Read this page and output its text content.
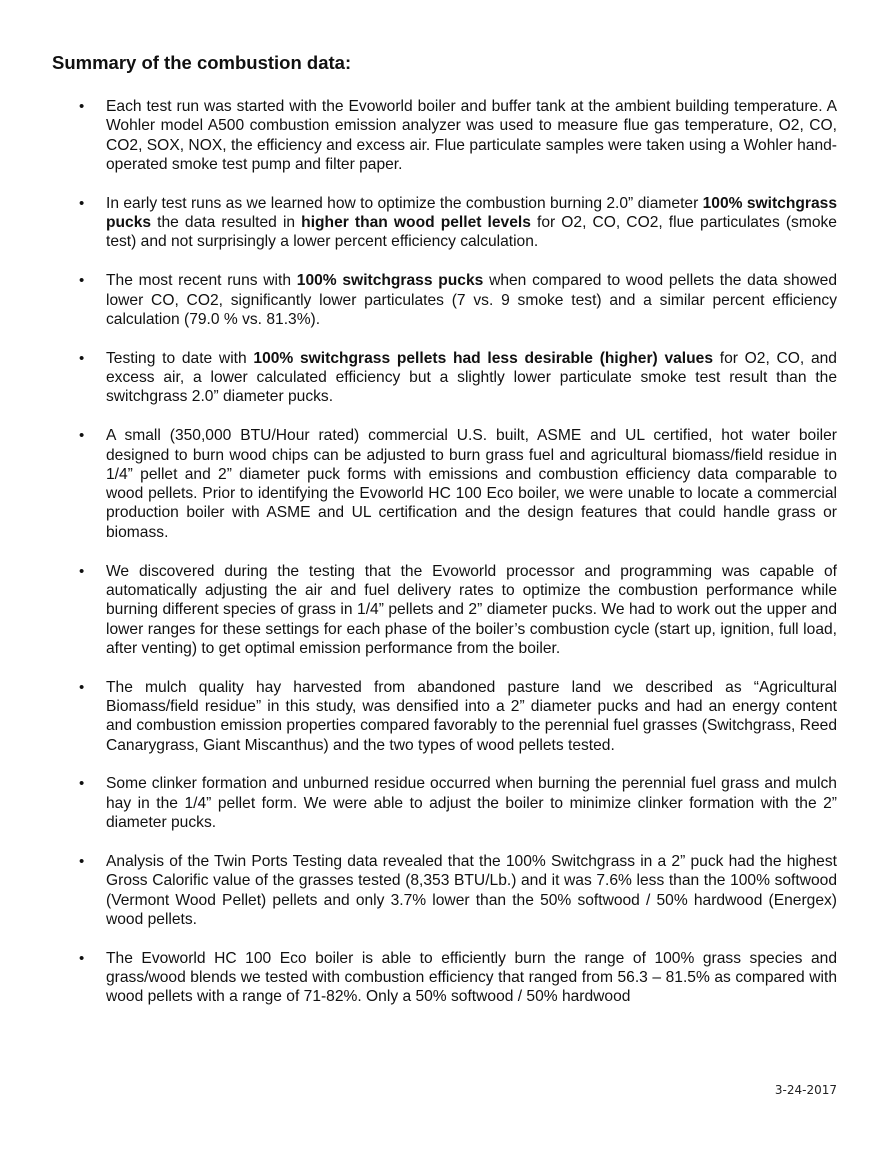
Summary of the combustion data:
• Each test run was started with the Evoworld boiler and buffer tank at the ambient building temperature. A Wohler model A500 combustion emission analyzer was used to measure flue gas temperature, O2, CO, CO2, SOX, NOX, the efficiency and excess air. Flue particulate samples were taken using a Wohler hand-operated smoke test pump and filter paper.
• In early test runs as we learned how to optimize the combustion burning 2.0” diameter 100% switchgrass pucks the data resulted in higher than wood pellet levels for O2, CO, CO2, flue particulates (smoke test) and not surprisingly a lower percent efficiency calculation.
• The most recent runs with 100% switchgrass pucks when compared to wood pellets the data showed lower CO, CO2, significantly lower particulates (7 vs. 9 smoke test) and a similar percent efficiency calculation (79.0 % vs. 81.3%).
• Testing to date with 100% switchgrass pellets had less desirable (higher) values for O2, CO, and excess air, a lower calculated efficiency but a slightly lower particulate smoke test result than the switchgrass 2.0” diameter pucks.
• A small (350,000 BTU/Hour rated) commercial U.S. built, ASME and UL certified, hot water boiler designed to burn wood chips can be adjusted to burn grass fuel and agricultural biomass/field residue in 1/4” pellet and 2” diameter puck forms with emissions and combustion efficiency data comparable to wood pellets. Prior to identifying the Evoworld HC 100 Eco boiler, we were unable to locate a commercial production boiler with ASME and UL certification and the design features that could handle grass or biomass.
• We discovered during the testing that the Evoworld processor and programming was capable of automatically adjusting the air and fuel delivery rates to optimize the combustion performance while burning different species of grass in 1/4” pellets and 2” diameter pucks. We had to work out the upper and lower ranges for these settings for each phase of the boiler’s combustion cycle (start up, ignition, full load, after venting) to get optimal emission performance from the boiler.
• The mulch quality hay harvested from abandoned pasture land we described as “Agricultural Biomass/field residue” in this study, was densified into a 2” diameter pucks and had an energy content and combustion emission properties compared favorably to the perennial fuel grasses (Switchgrass, Reed Canarygrass, Giant Miscanthus) and the two types of wood pellets tested.
• Some clinker formation and unburned residue occurred when burning the perennial fuel grass and mulch hay in the 1/4” pellet form. We were able to adjust the boiler to minimize clinker formation with the 2” diameter pucks.
• Analysis of the Twin Ports Testing data revealed that the 100% Switchgrass in a 2” puck had the highest Gross Calorific value of the grasses tested (8,353 BTU/Lb.) and it was 7.6% less than the 100% softwood (Vermont Wood Pellet) pellets and only 3.7% lower than the 50% softwood / 50% hardwood (Energex) wood pellets.
• The Evoworld HC 100 Eco boiler is able to efficiently burn the range of 100% grass species and grass/wood blends we tested with combustion efficiency that ranged from 56.3 – 81.5% as compared with wood pellets with a range of 71-82%. Only a 50% softwood / 50% hardwood
3-24-2017
